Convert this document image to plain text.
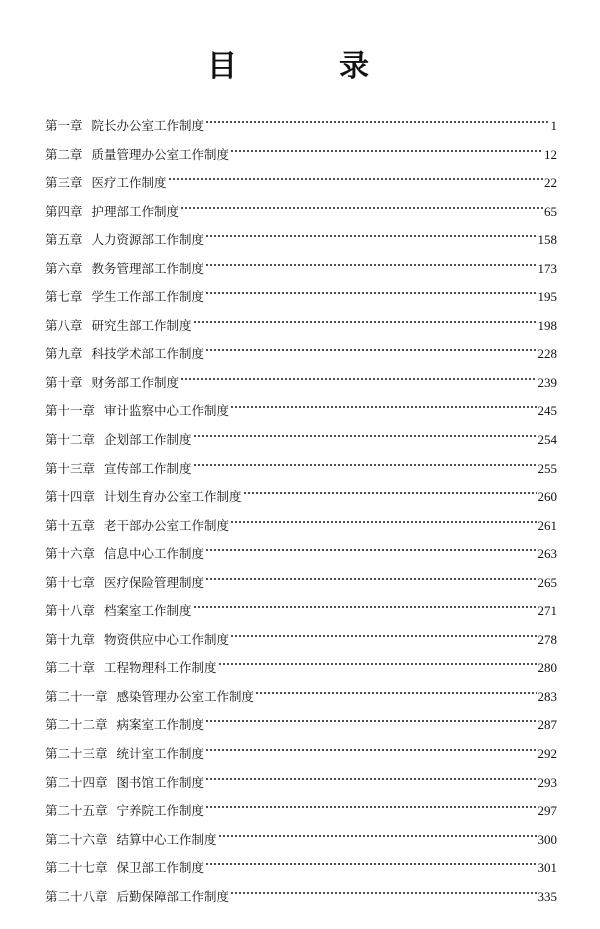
目	录
第一章 院长办公室工作制度	1
第二章 质量管理办公室工作制度	12
第三章 医疗工作制度	22
第四章 护理部工作制度	65
第五章 人力资源部工作制度	158
第六章 教务管理部工作制度	173
第七章 学生工作部工作制度	195
第八章 研究生部工作制度	198
第九章 科技学术部工作制度	228
第十章 财务部工作制度	239
第十一章 审计监察中心工作制度	245
第十二章 企划部工作制度	254
第十三章 宣传部工作制度	255
第十四章 计划生育办公室工作制度	260
第十五章 老干部办公室工作制度	261
第十六章 信息中心工作制度	263
第十七章 医疗保险管理制度	265
第十八章 档案室工作制度	271
第十九章 物资供应中心工作制度	278
第二十章 工程物理科工作制度	280
第二十一章 感染管理办公室工作制度	283
第二十二章 病案室工作制度	287
第二十三章 统计室工作制度	292
第二十四章 图书馆工作制度	293
第二十五章 宁养院工作制度	297
第二十六章 结算中心工作制度	300
第二十七章 保卫部工作制度	301
第二十八章 后勤保障部工作制度	335
